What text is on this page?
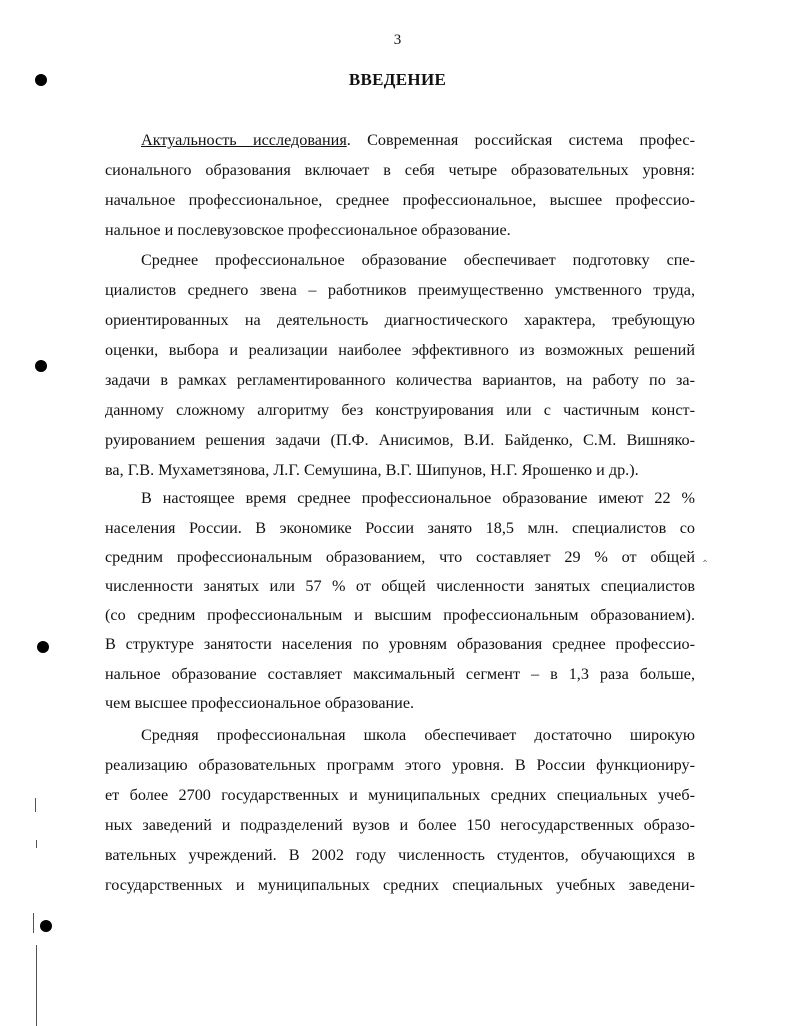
3
ВВЕДЕНИЕ
Актуальность исследования. Современная российская система профес-
сионального образования включает в себя четыре образовательных уровня:
начальное профессиональное, среднее профессиональное, высшее профессио-
нальное и послевузовское профессиональное образование.
Среднее профессиональное образование обеспечивает подготовку спе-
циалистов среднего звена – работников преимущественно умственного труда,
ориентированных на деятельность диагностического характера, требующую
оценки, выбора и реализации наиболее эффективного из возможных решений
задачи в рамках регламентированного количества вариантов, на работу по за-
данному сложному алгоритму без конструирования или с частичным конст-
руированием решения задачи (П.Ф. Анисимов, В.И. Байденко, С.М. Вишняко-
ва, Г.В. Мухаметзянова, Л.Г. Семушина, В.Г. Шипунов, Н.Г. Ярошенко и др.).
В настоящее время среднее профессиональное образование имеют 22 %
населения России. В экономике России занято 18,5 млн. специалистов со
средним профессиональным образованием, что составляет 29 % от общей
численности занятых или 57 % от общей численности занятых специалистов
(со средним профессиональным и высшим профессиональным образованием).
В структуре занятости населения по уровням образования среднее профессио-
нальное образование составляет максимальный сегмент – в 1,3 раза больше,
чем высшее профессиональное образование.
Средняя профессиональная школа обеспечивает достаточно широкую
реализацию образовательных программ этого уровня. В России функциониру-
ет более 2700 государственных и муниципальных средних специальных учеб-
ных заведений и подразделений вузов и более 150 негосударственных образо-
вательных учреждений. В 2002 году численность студентов, обучающихся в
государственных и муниципальных средних специальных учебных заведени-
‸
